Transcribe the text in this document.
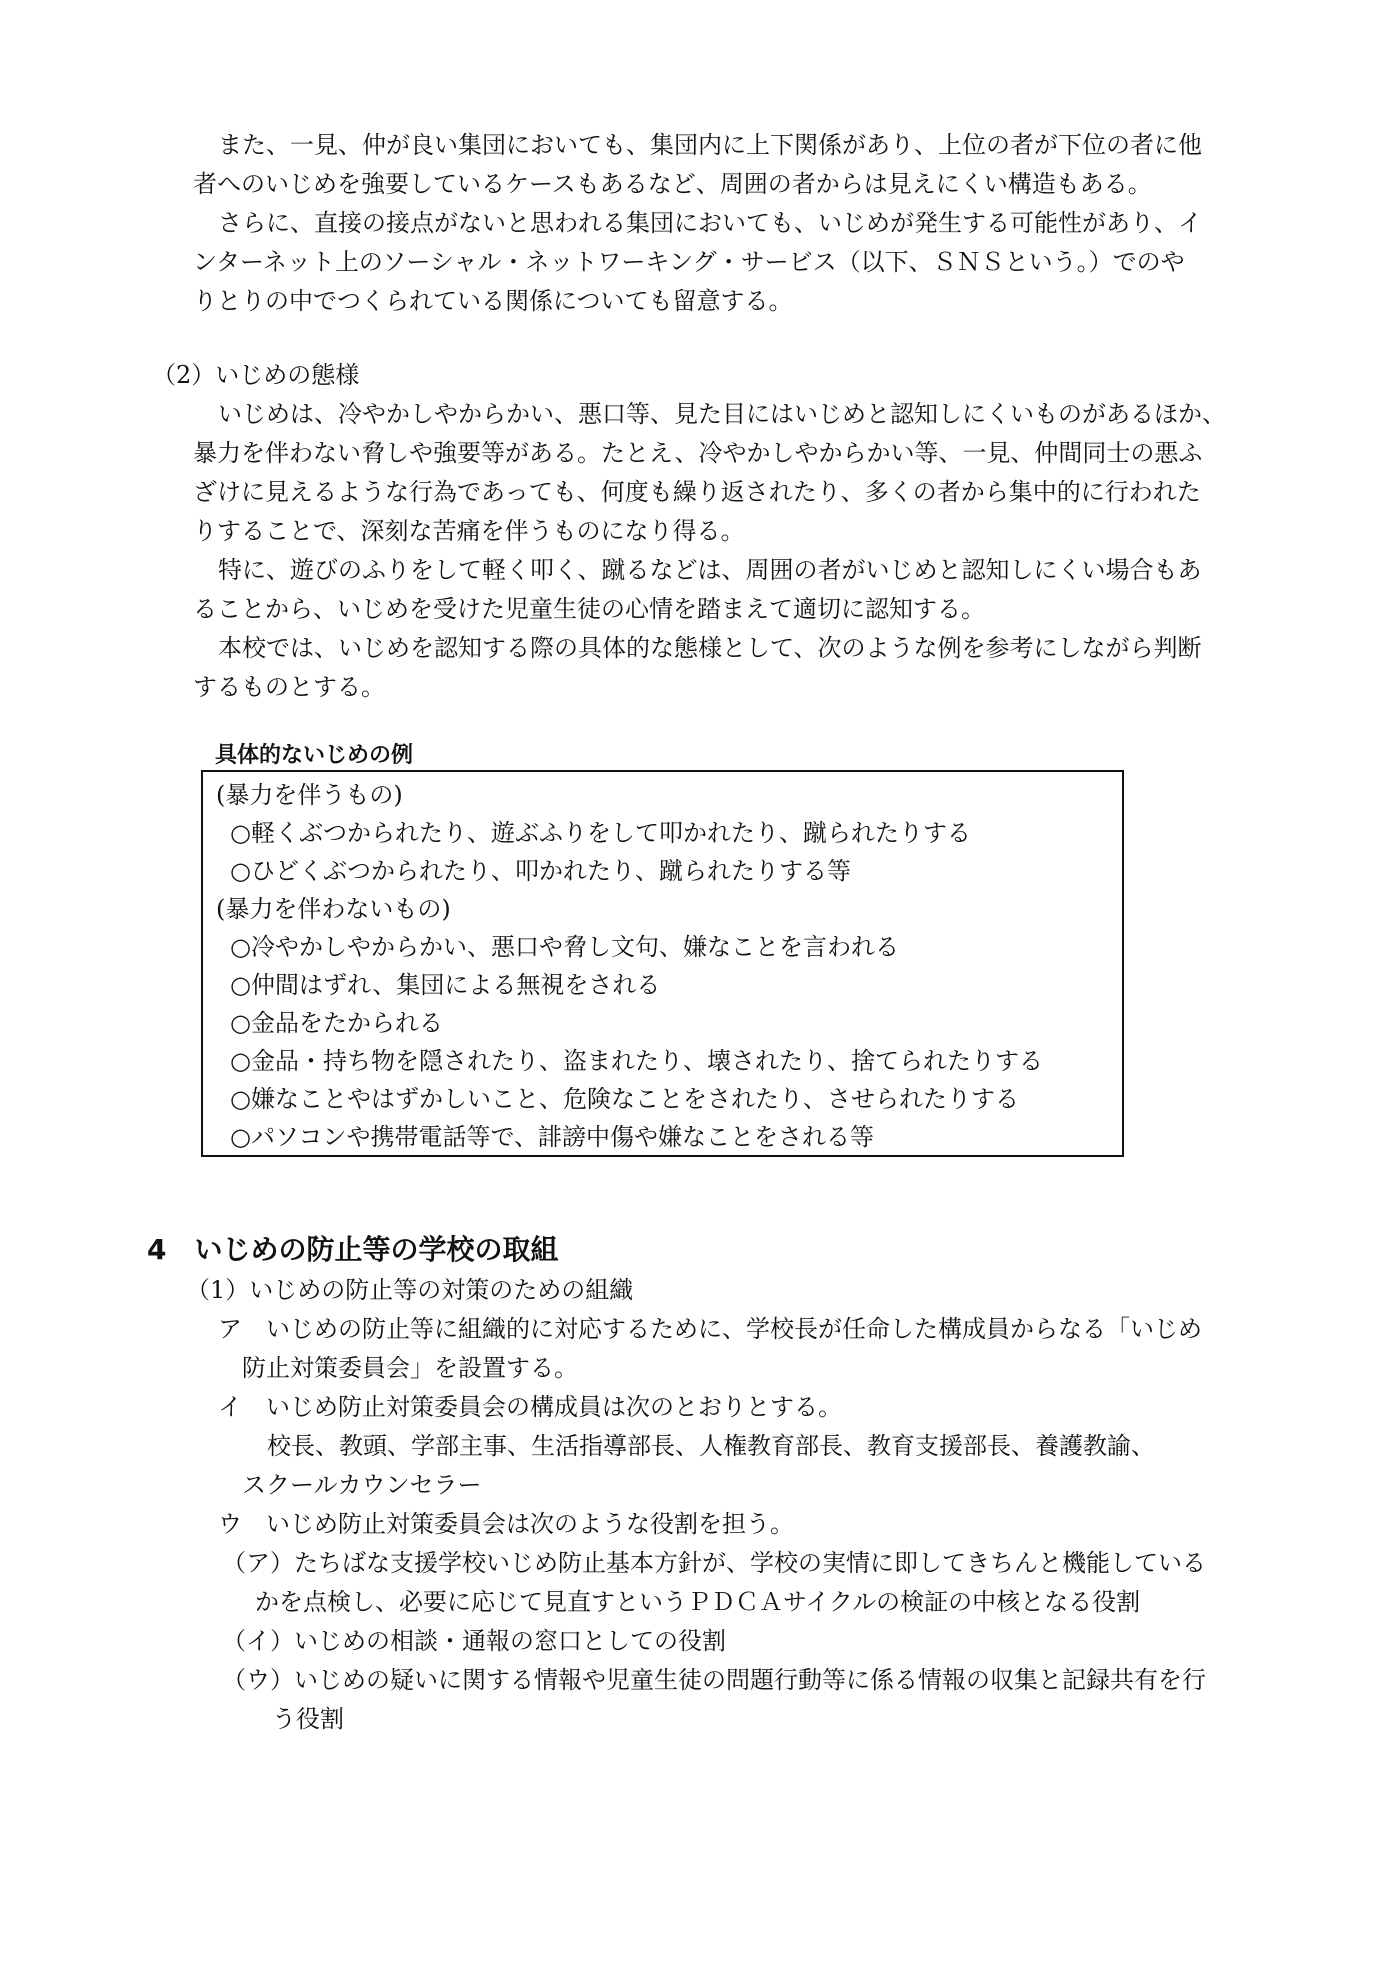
また、一見、仲が良い集団においても、集団内に上下関係があり、上位の者が下位の者に他
者へのいじめを強要しているケースもあるなど、周囲の者からは見えにくい構造もある。
さらに、直接の接点がないと思われる集団においても、いじめが発生する可能性があり、イ
ンターネット上のソーシャル・ネットワーキング・サービス（以下、ＳＮＳという。）でのや
りとりの中でつくられている関係についても留意する。
（2）いじめの態様
いじめは、冷やかしやからかい、悪口等、見た目にはいじめと認知しにくいものがあるほか、
暴力を伴わない脅しや強要等がある。たとえ、冷やかしやからかい等、一見、仲間同士の悪ふ
ざけに見えるような行為であっても、何度も繰り返されたり、多くの者から集中的に行われた
りすることで、深刻な苦痛を伴うものになり得る。
特に、遊びのふりをして軽く叩く、蹴るなどは、周囲の者がいじめと認知しにくい場合もあ
ることから、いじめを受けた児童生徒の心情を踏まえて適切に認知する。
本校では、いじめを認知する際の具体的な態様として、次のような例を参考にしながら判断
するものとする。
具体的ないじめの例
(暴力を伴うもの)
○軽くぶつかられたり、遊ぶふりをして叩かれたり、蹴られたりする
○ひどくぶつかられたり、叩かれたり、蹴られたりする等
(暴力を伴わないもの)
○冷やかしやからかい、悪口や脅し文句、嫌なことを言われる
○仲間はずれ、集団による無視をされる
○金品をたかられる
○金品・持ち物を隠されたり、盗まれたり、壊されたり、捨てられたりする
○嫌なことやはずかしいこと、危険なことをされたり、させられたりする
○パソコンや携帯電話等で、誹謗中傷や嫌なことをされる等
4　いじめの防止等の学校の取組
（1）いじめの防止等の対策のための組織
ア　いじめの防止等に組織的に対応するために、学校長が任命した構成員からなる「いじめ
防止対策委員会」を設置する。
イ　いじめ防止対策委員会の構成員は次のとおりとする。
校長、教頭、学部主事、生活指導部長、人権教育部長、教育支援部長、養護教諭、
スクールカウンセラー
ウ　いじめ防止対策委員会は次のような役割を担う。
（ア）たちばな支援学校いじめ防止基本方針が、学校の実情に即してきちんと機能している
かを点検し、必要に応じて見直すというＰＤＣＡサイクルの検証の中核となる役割
（イ）いじめの相談・通報の窓口としての役割
（ウ）いじめの疑いに関する情報や児童生徒の問題行動等に係る情報の収集と記録共有を行
う役割
